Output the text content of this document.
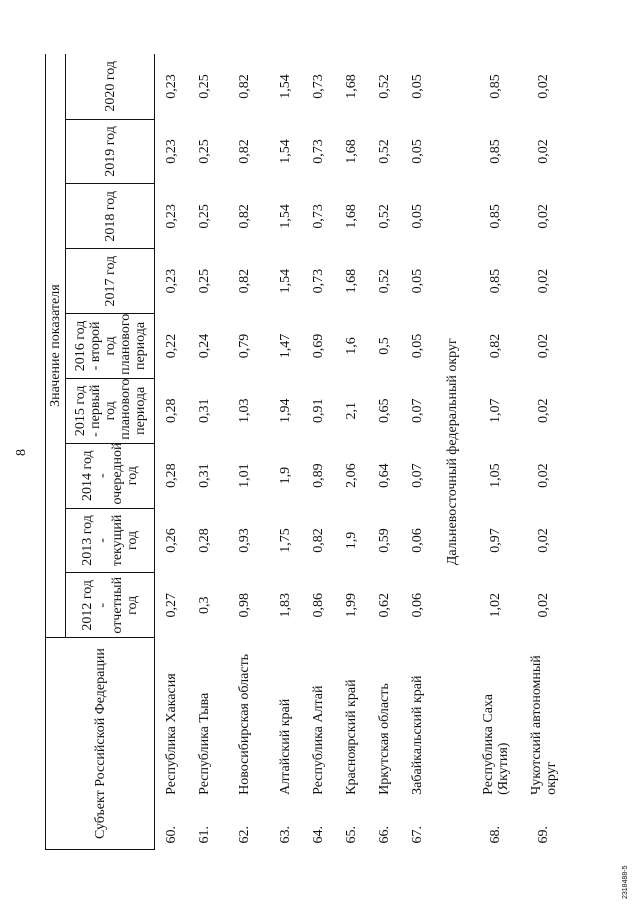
8
2318488-5
Субъект Российской Федерации		Значение показателя								
		2012 год - отчетный год	2013 год - текущий год	2014 год - очередной год	2015 год - первый год планового периода	2016 год - второй год планового периода	2017 год	2018 год	2019 год	2020 год
60.	Республика Хакасия	0,27	0,26	0,28	0,28	0,22	0,23	0,23	0,23	0,23
61.	Республика Тыва	0,3	0,28	0,31	0,31	0,24	0,25	0,25	0,25	0,25
62.	Новосибирская область	0,98	0,93	1,01	1,03	0,79	0,82	0,82	0,82	0,82
63.	Алтайский край	1,83	1,75	1,9	1,94	1,47	1,54	1,54	1,54	1,54
64.	Республика Алтай	0,86	0,82	0,89	0,91	0,69	0,73	0,73	0,73	0,73
65.	Красноярский край	1,99	1,9	2,06	2,1	1,6	1,68	1,68	1,68	1,68
66.	Иркутская область	0,62	0,59	0,64	0,65	0,5	0,52	0,52	0,52	0,52
67.	Забайкальский край	0,06	0,06	0,07	0,07	0,05	0,05	0,05	0,05	0,05
Дальневосточный федеральный округ										
68.	Республика Саха (Якутия)	1,02	0,97	1,05	1,07	0,82	0,85	0,85	0,85	0,85
69.	Чукотский автономный округ	0,02	0,02	0,02	0,02	0,02	0,02	0,02	0,02	0,02
